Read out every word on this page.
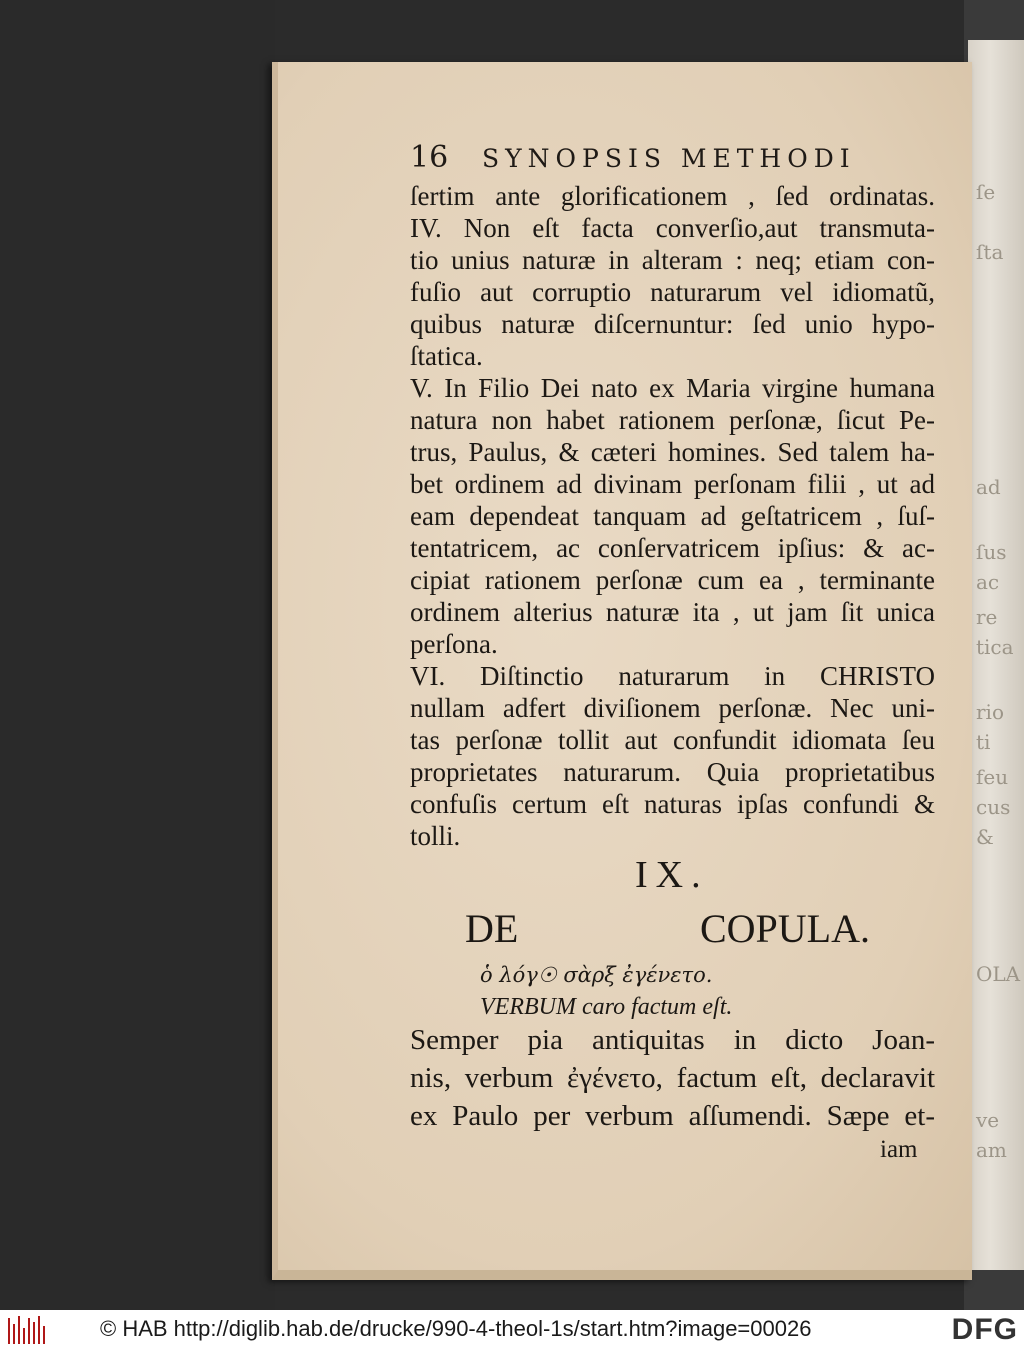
ſe
ſta
ad
ſus
ac
re
tica
rio
ti
feu
cus
&
OLA
ve
am
16 SYNOPSIS METHODI
ſertim ante glorificationem , ſed ordinatas.
IV. Non eſt facta converſio,aut transmuta-
tio unius naturæ in alteram : neq; etiam con-
fuſio aut corruptio naturarum vel idiomatũ,
quibus naturæ diſcernuntur: ſed unio hypo-
ſtatica.
V. In Filio Dei nato ex Maria virgine humana
natura non habet rationem perſonæ, ſicut Pe-
trus, Paulus, & cæteri homines. Sed talem ha-
bet ordinem ad divinam perſonam filii , ut ad
eam dependeat tanquam ad geſtatricem , ſuſ-
tentatricem, ac conſervatricem ipſius: & ac-
cipiat rationem perſonæ cum ea , terminante
ordinem alterius naturæ ita , ut jam ſit unica
perſona.
VI. Diſtinctio naturarum in CHRISTO
nullam adfert diviſionem perſonæ. Nec uni-
tas perſonæ tollit aut confundit idiomata ſeu
proprietates naturarum. Quia proprietatibus
confuſis certum eſt naturas ipſas confundi &
tolli.
IX.
DE COPULA.
ὁ λόγ☉ σὰρξ ἐγένετο.
VERBUM caro factum eſt.
Semper pia antiquitas in dicto Joan-
nis, verbum ἐγένετο, factum eſt, declaravit
ex Paulo per verbum aſſumendi. Sæpe et-
iam
© HAB http://diglib.hab.de/drucke/990-4-theol-1s/start.htm?image=00026	DFG
